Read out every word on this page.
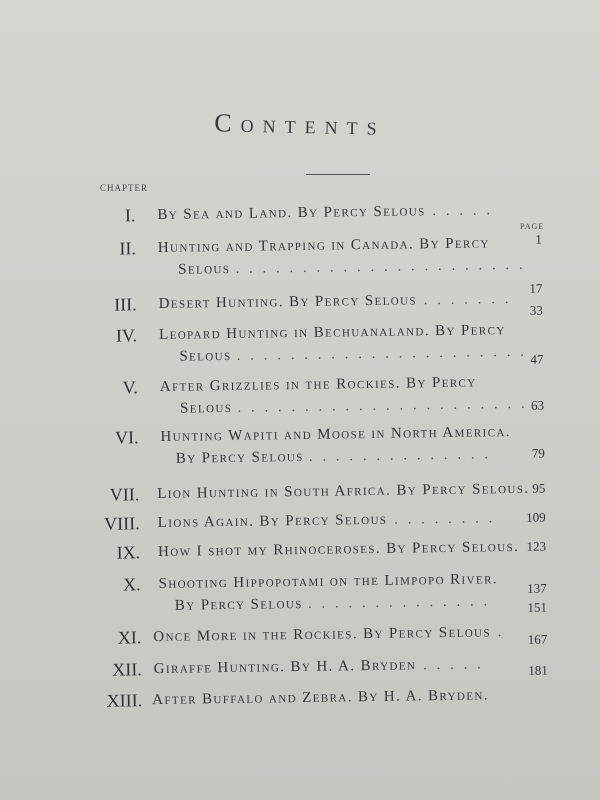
Contents
CHAPTER
PAGE
I. By Sea and Land. By Percy Selous . . . . .
1
II. Hunting and Trapping in Canada. By Percy
Selous . . . . . . . . . . . . . . . . . . . . . .
17
III. Desert Hunting. By Percy Selous . . . . . . .
33
IV. Leopard Hunting in Bechuanaland. By Percy
Selous . . . . . . . . . . . . . . . . . . . . . . 47
V. After Grizzlies in the Rockies. By Percy
Selous . . . . . . . . . . . . . . . . . . . . . . 63
VI. Hunting Wapiti and Moose in North America.
By Percy Selous . . . . . . . . . . . . . .	79
VII. Lion Hunting in South Africa. By Percy Selous. 95
VIII. Lions Again. By Percy Selous . . . . . . . .	109
IX. How I shot my Rhinoceroses. By Percy Selous. 123
X. Shooting Hippopotami on the Limpopo River.
By Percy Selous . . . . . . . . . . . . . .
137
XI. Once More in the Rockies. By Percy Selous .
151
XII. Giraffe Hunting. By H. A. Bryden . . . . .
167
XIII. After Buffalo and Zebra. By H. A. Bryden.
181
